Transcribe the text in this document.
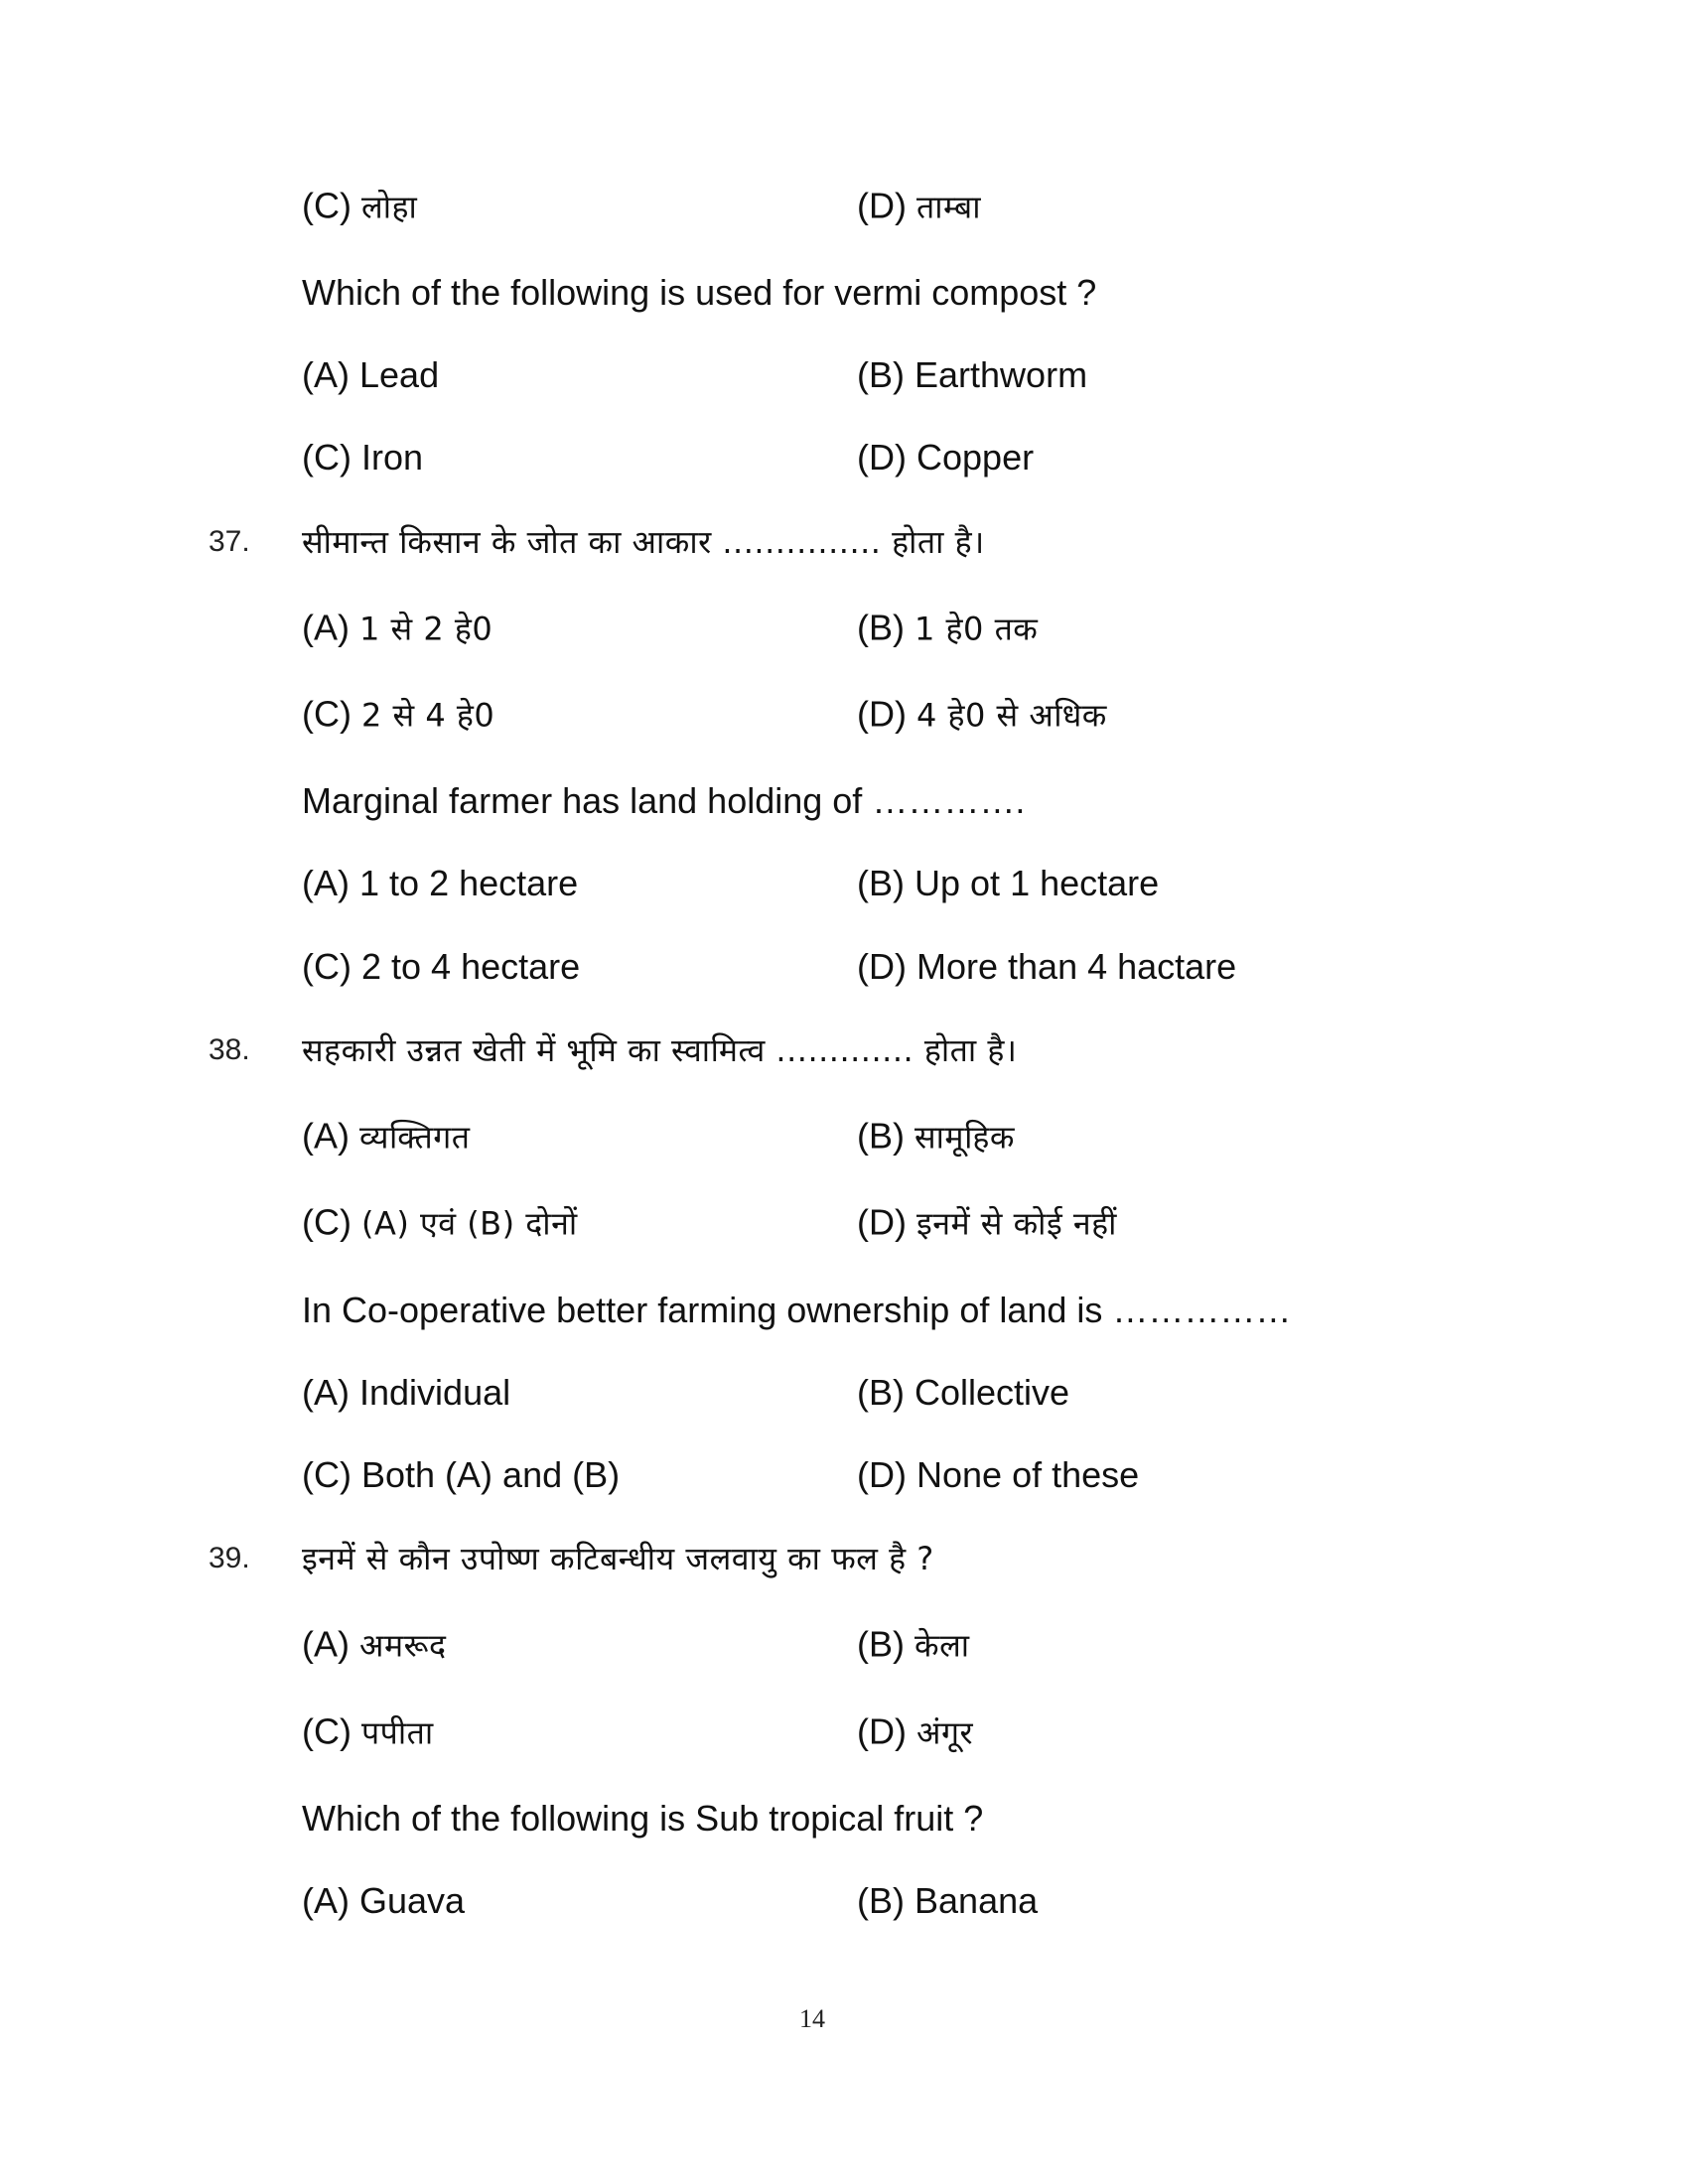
(C) लोहा	(D) ताम्बा
Which of the following is used for vermi compost ?
(A) Lead	(B) Earthworm
(C) Iron	(D) Copper
37. सीमान्त किसान के जोत का आकार ............... होता है।
(A) 1 से 2 हे0	(B) 1 हे0 तक
(C) 2 से 4 हे0	(D) 4 हे0 से अधिक
Marginal farmer has land holding of ………….
(A) 1 to 2 hectare	(B) Up ot 1 hectare
(C) 2 to 4 hectare	(D) More than 4 hactare
38. सहकारी उन्नत खेती में भूमि का स्वामित्व ............. होता है।
(A) व्यक्तिगत	(B) सामूहिक
(C) (A) एवं (B) दोनों	(D) इनमें से कोई नहीं
In Co-operative better farming ownership of land is ……………
(A) Individual	(B) Collective
(C) Both (A) and (B)	(D) None of these
39. इनमें से कौन उपोष्ण कटिबन्धीय जलवायु का फल है ?
(A) अमरूद	(B) केला
(C) पपीता	(D) अंगूर
Which of the following is Sub tropical fruit ?
(A) Guava	(B) Banana
14
